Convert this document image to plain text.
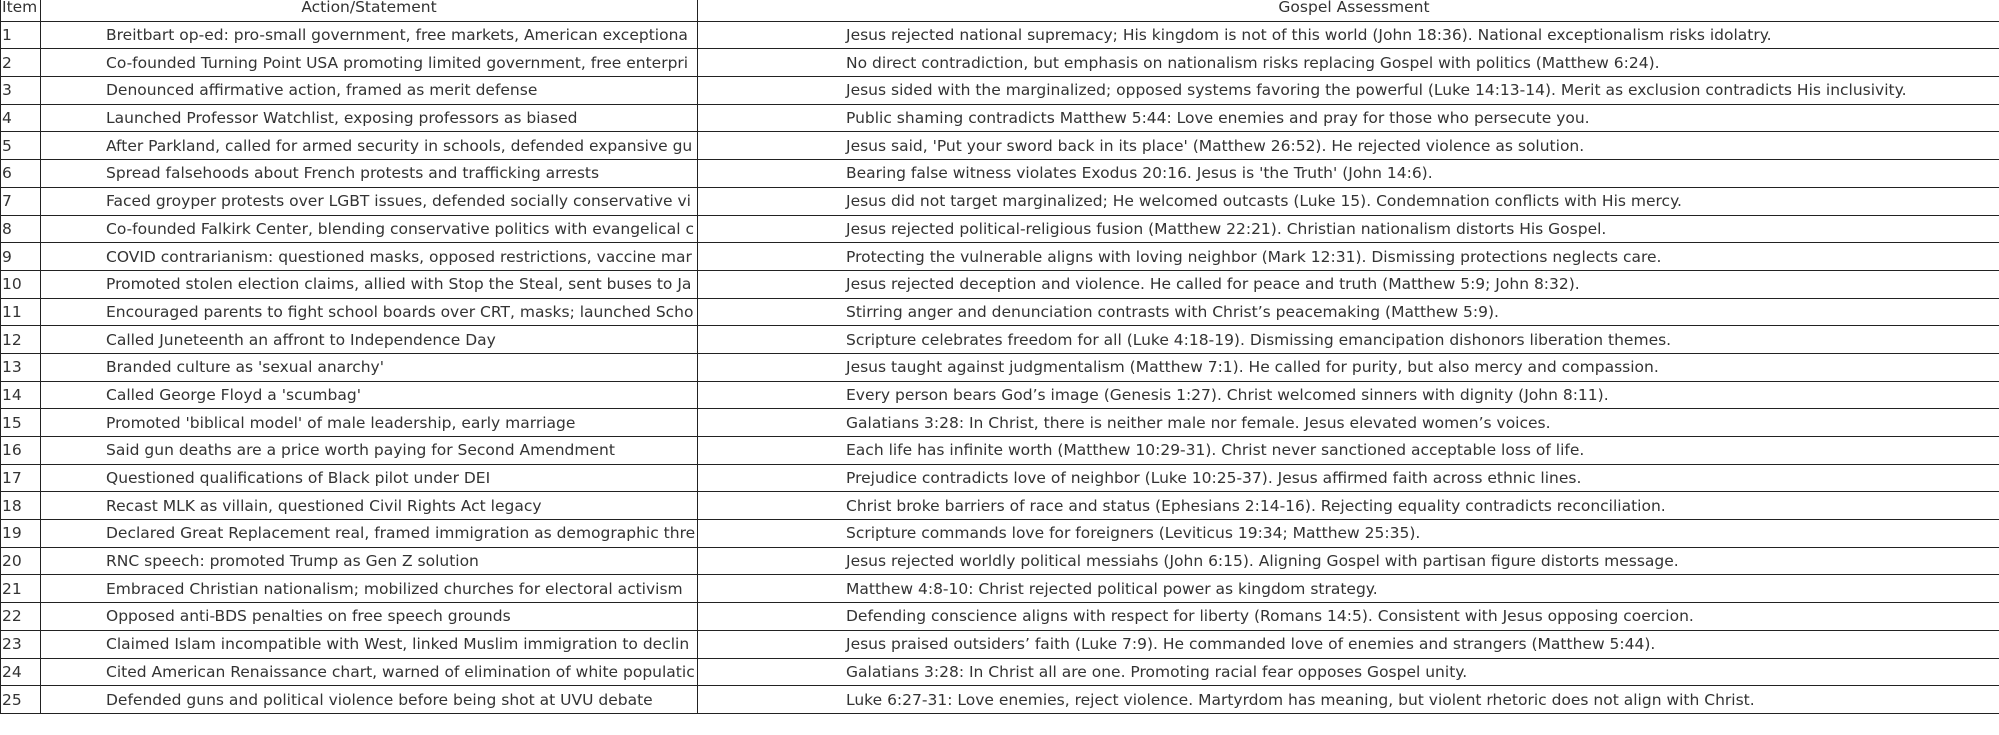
Item	Action/Statement	Gospel Assessment
1	Breitbart op-ed: pro-small government, free markets, American exceptiona	Jesus rejected national supremacy; His kingdom is not of this world (John 18:36). National exceptionalism risks idolatry.
2	Co-founded Turning Point USA promoting limited government, free enterpri	No direct contradiction, but emphasis on nationalism risks replacing Gospel with politics (Matthew 6:24).
3	Denounced affirmative action, framed as merit defense	Jesus sided with the marginalized; opposed systems favoring the powerful (Luke 14:13-14). Merit as exclusion contradicts His inclusivity.
4	Launched Professor Watchlist, exposing professors as biased	Public shaming contradicts Matthew 5:44: Love enemies and pray for those who persecute you.
5	After Parkland, called for armed security in schools, defended expansive gu	Jesus said, 'Put your sword back in its place' (Matthew 26:52). He rejected violence as solution.
6	Spread falsehoods about French protests and trafficking arrests	Bearing false witness violates Exodus 20:16. Jesus is 'the Truth' (John 14:6).
7	Faced groyper protests over LGBT issues, defended socially conservative vi	Jesus did not target marginalized; He welcomed outcasts (Luke 15). Condemnation conflicts with His mercy.
8	Co-founded Falkirk Center, blending conservative politics with evangelical c	Jesus rejected political-religious fusion (Matthew 22:21). Christian nationalism distorts His Gospel.
9	COVID contrarianism: questioned masks, opposed restrictions, vaccine mar	Protecting the vulnerable aligns with loving neighbor (Mark 12:31). Dismissing protections neglects care.
10	Promoted stolen election claims, allied with Stop the Steal, sent buses to Ja	Jesus rejected deception and violence. He called for peace and truth (Matthew 5:9; John 8:32).
11	Encouraged parents to fight school boards over CRT, masks; launched Scho	Stirring anger and denunciation contrasts with Christ’s peacemaking (Matthew 5:9).
12	Called Juneteenth an affront to Independence Day	Scripture celebrates freedom for all (Luke 4:18-19). Dismissing emancipation dishonors liberation themes.
13	Branded culture as 'sexual anarchy'	Jesus taught against judgmentalism (Matthew 7:1). He called for purity, but also mercy and compassion.
14	Called George Floyd a 'scumbag'	Every person bears God’s image (Genesis 1:27). Christ welcomed sinners with dignity (John 8:11).
15	Promoted 'biblical model' of male leadership, early marriage	Galatians 3:28: In Christ, there is neither male nor female. Jesus elevated women’s voices.
16	Said gun deaths are a price worth paying for Second Amendment	Each life has infinite worth (Matthew 10:29-31). Christ never sanctioned acceptable loss of life.
17	Questioned qualifications of Black pilot under DEI	Prejudice contradicts love of neighbor (Luke 10:25-37). Jesus affirmed faith across ethnic lines.
18	Recast MLK as villain, questioned Civil Rights Act legacy	Christ broke barriers of race and status (Ephesians 2:14-16). Rejecting equality contradicts reconciliation.
19	Declared Great Replacement real, framed immigration as demographic thre	Scripture commands love for foreigners (Leviticus 19:34; Matthew 25:35).
20	RNC speech: promoted Trump as Gen Z solution	Jesus rejected worldly political messiahs (John 6:15). Aligning Gospel with partisan figure distorts message.
21	Embraced Christian nationalism; mobilized churches for electoral activism	Matthew 4:8-10: Christ rejected political power as kingdom strategy.
22	Opposed anti-BDS penalties on free speech grounds	Defending conscience aligns with respect for liberty (Romans 14:5). Consistent with Jesus opposing coercion.
23	Claimed Islam incompatible with West, linked Muslim immigration to declin	Jesus praised outsiders’ faith (Luke 7:9). He commanded love of enemies and strangers (Matthew 5:44).
24	Cited American Renaissance chart, warned of elimination of white populatic	Galatians 3:28: In Christ all are one. Promoting racial fear opposes Gospel unity.
25	Defended guns and political violence before being shot at UVU debate	Luke 6:27-31: Love enemies, reject violence. Martyrdom has meaning, but violent rhetoric does not align with Christ.
